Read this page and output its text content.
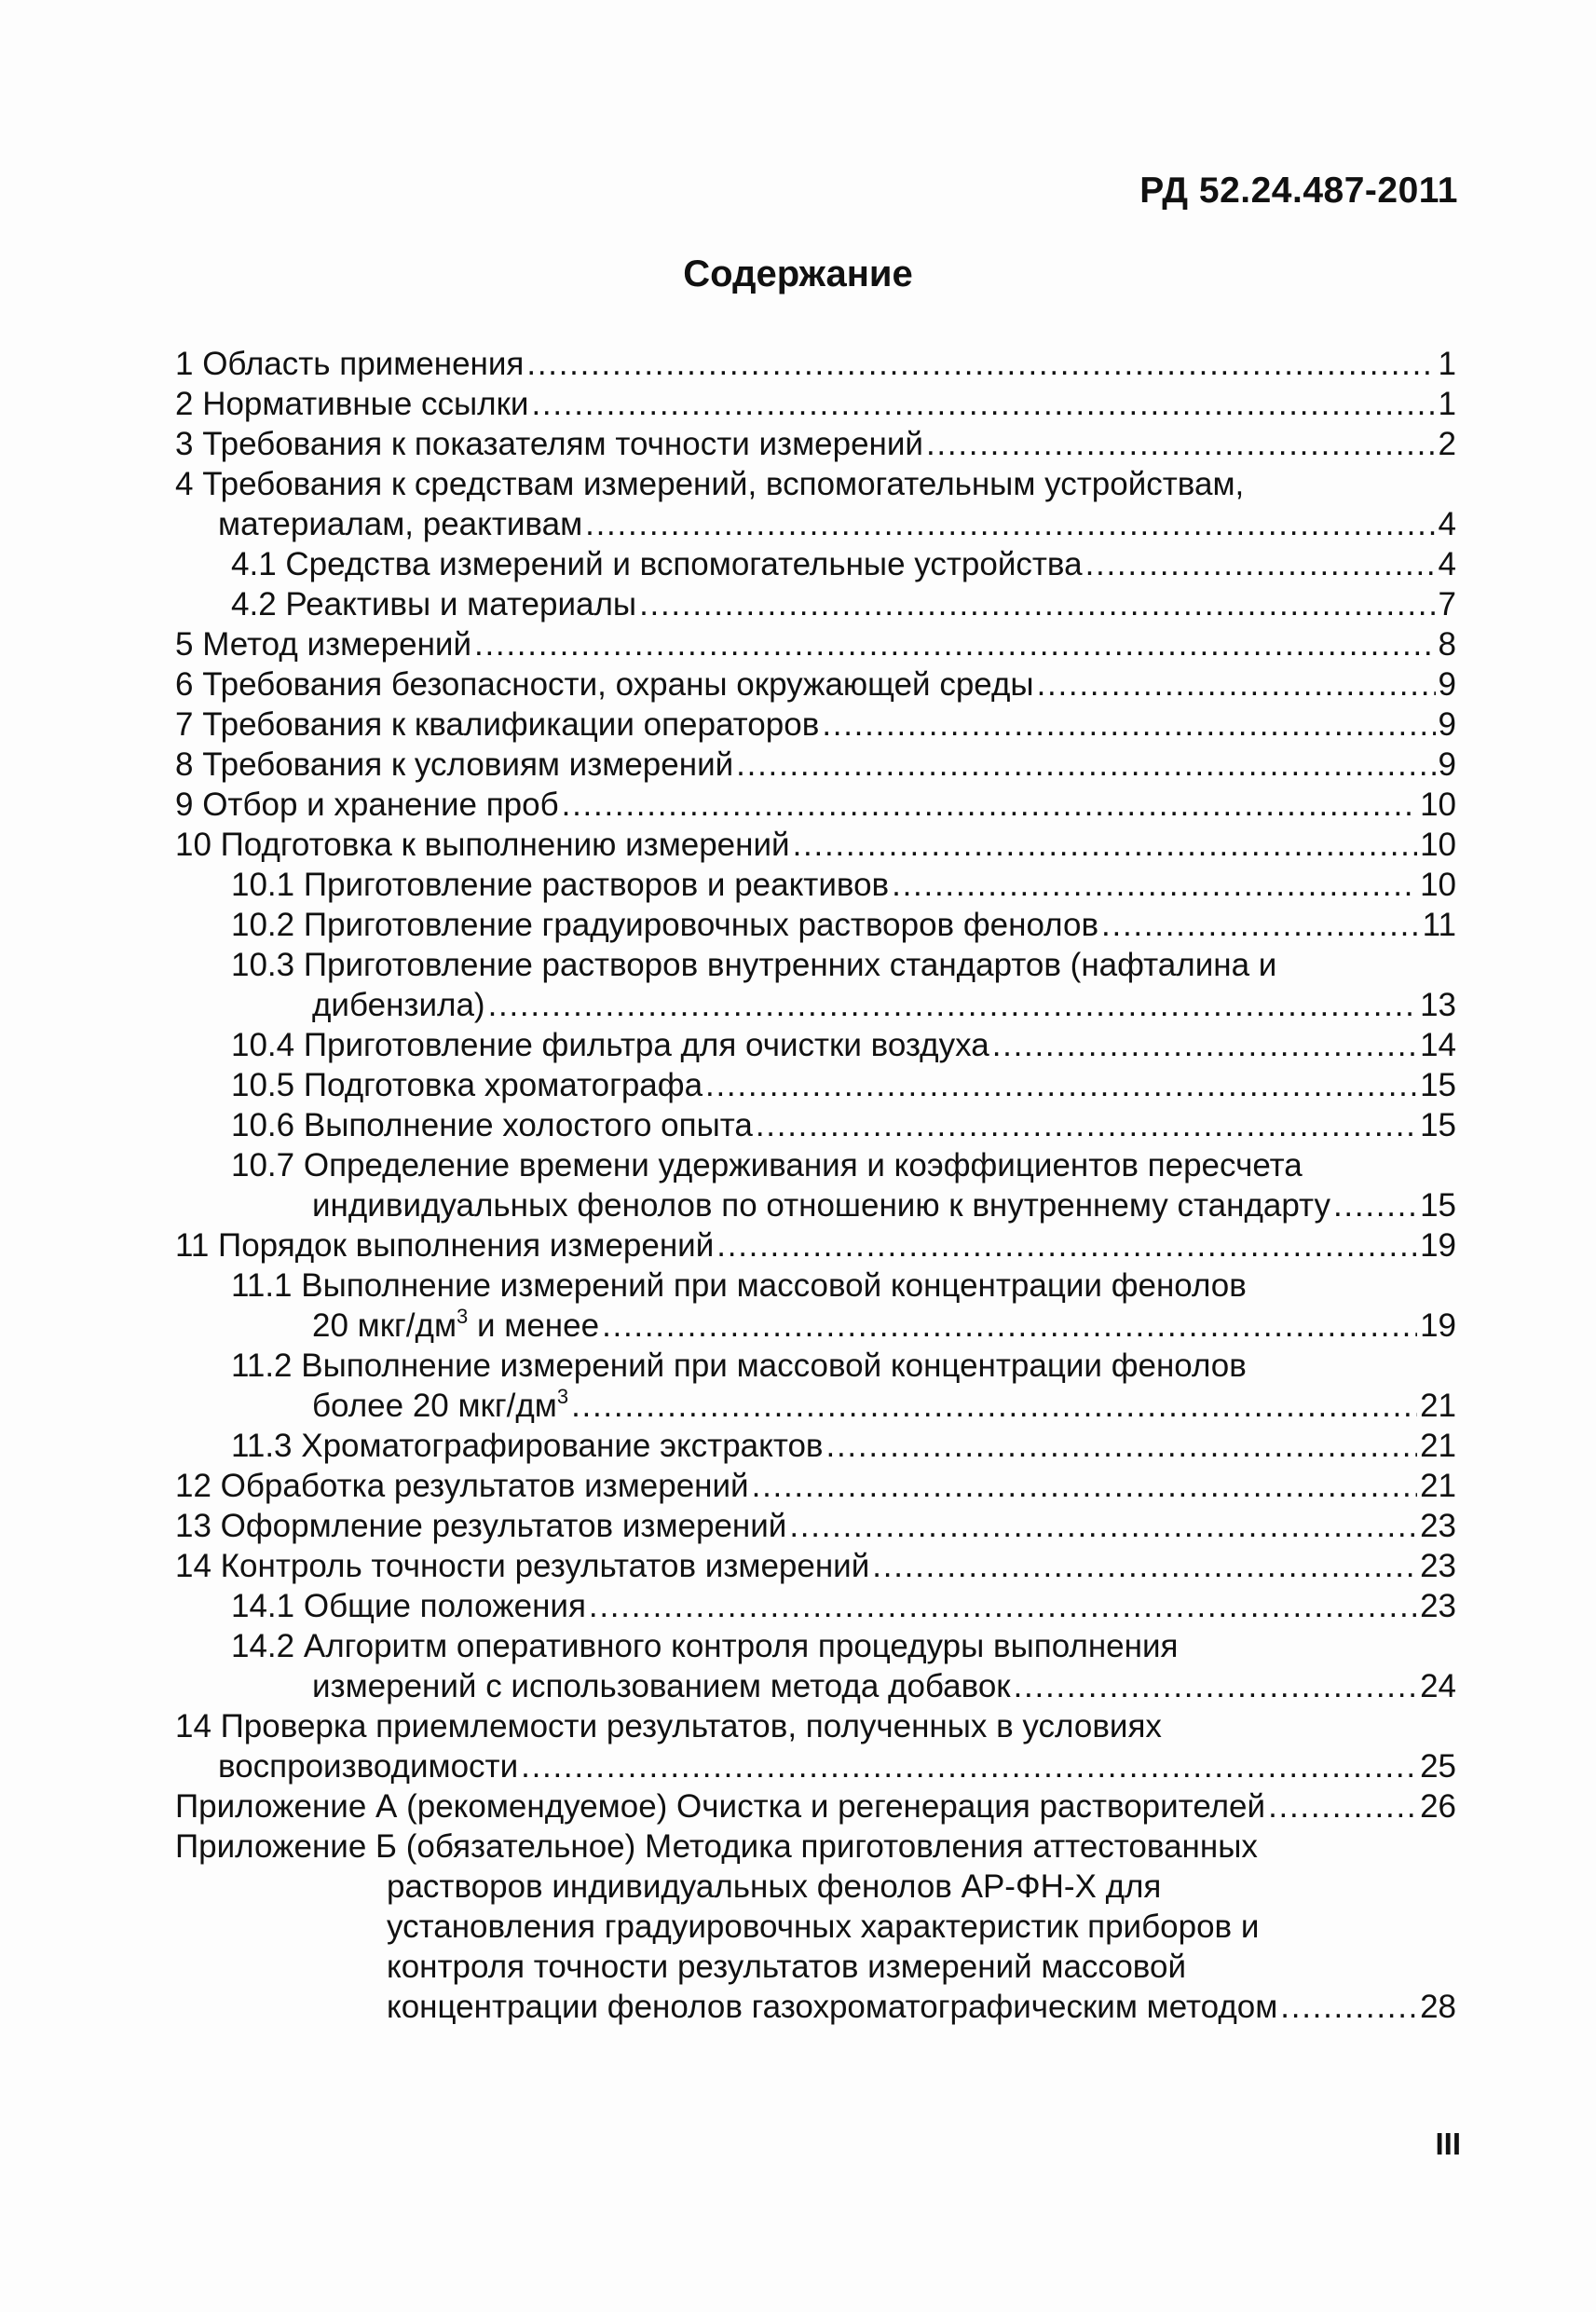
РД 52.24.487-2011
Содержание
1 Область применения . . .	1
2 Нормативные ссылки . . .	1
3 Требования к показателям точности измерений . . .	2
4 Требования к средствам измерений, вспомогательным устройствам,
материалам, реактивам . . .	4
4.1 Средства измерений и вспомогательные устройства . . .	4
4.2 Реактивы и материалы . . .	7
5 Метод измерений . . .	8
6 Требования безопасности, охраны окружающей среды . . .	9
7 Требования к квалификации операторов . . .	9
8 Требования к условиям измерений . . .	9
9 Отбор и хранение проб . . .	10
10 Подготовка к выполнению измерений . . .	10
10.1 Приготовление растворов и реактивов . . .	10
10.2 Приготовление градуировочных растворов фенолов . . .	11
10.3 Приготовление растворов внутренних стандартов (нафталина и
дибензила) . . .	13
10.4 Приготовление фильтра для очистки воздуха . . .	14
10.5 Подготовка хроматографа . . .	15
10.6 Выполнение холостого опыта . . .	15
10.7 Определение времени удерживания и коэффициентов пересчета
индивидуальных фенолов по отношению к внутреннему стандарту . . .	15
11 Порядок выполнения измерений . . .	19
11.1 Выполнение измерений при массовой концентрации фенолов
20 мкг/$дм^3$ и менее . . .	19
11.2 Выполнение измерений при массовой концентрации фенолов
более 20 мкг/$дм^3$ . . .	21
11.3 Хроматографирование экстрактов . . .	21
12 Обработка результатов измерений . . .	21
13 Оформление результатов измерений . . .	23
14 Контроль точности результатов измерений . . .	23
14.1 Общие положения . . .	23
14.2 Алгоритм оперативного контроля процедуры выполнения
измерений с использованием метода добавок . . .	24
14 Проверка приемлемости результатов, полученных в условиях
воспроизводимости . . .	25
Приложение А (рекомендуемое) Очистка и регенерация растворителей . . .	26
Приложение Б (обязательное) Методика приготовления аттестованных
растворов индивидуальных фенолов АР-ФН-Х для
установления градуировочных характеристик приборов и
контроля точности результатов измерений массовой
концентрации фенолов газохроматографическим методом . . .	28
III
